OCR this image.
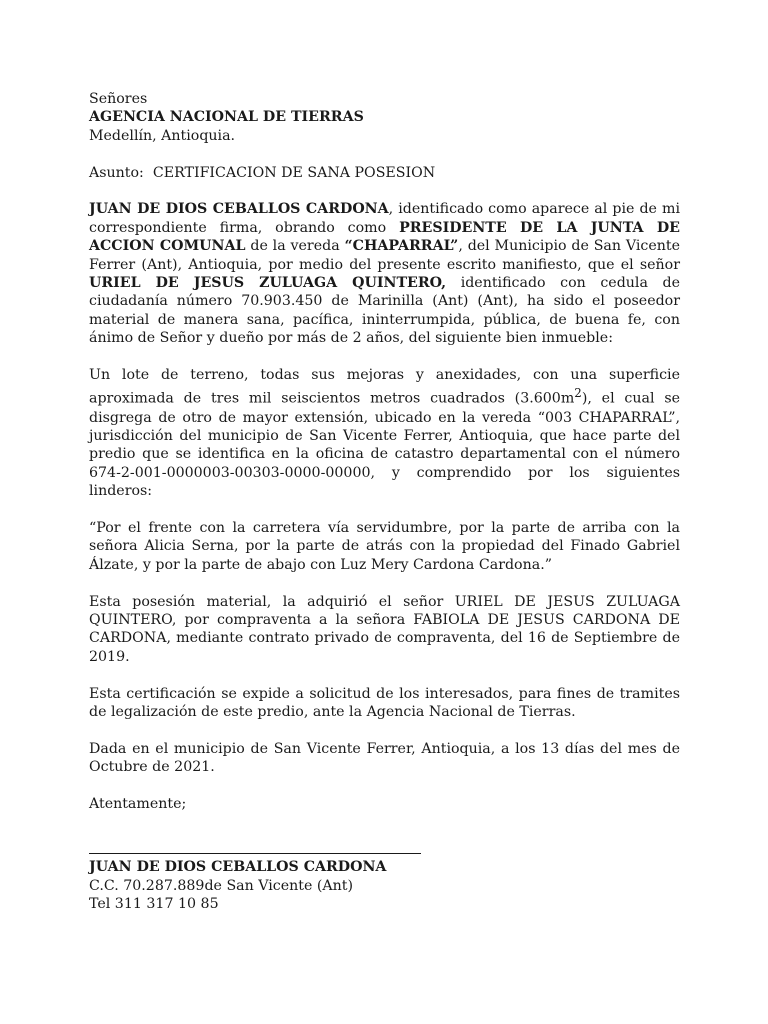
Señores
AGENCIA NACIONAL DE TIERRAS
Medellín, Antioquia.
Asunto: CERTIFICACION DE SANA POSESION
JUAN DE DIOS CEBALLOS CARDONA, identificado como aparece al pie de mi correspondiente firma, obrando como PRESIDENTE DE LA JUNTA DE ACCION COMUNAL de la vereda “CHAPARRAL”, del Municipio de San Vicente Ferrer (Ant), Antioquia, por medio del presente escrito manifiesto, que el señor URIEL DE JESUS ZULUAGA QUINTERO, identificado con cedula de ciudadanía número 70.903.450 de Marinilla (Ant) (Ant), ha sido el poseedor material de manera sana, pacífica, ininterrumpida, pública, de buena fe, con ánimo de Señor y dueño por más de 2 años, del siguiente bien inmueble:
Un lote de terreno, todas sus mejoras y anexidades, con una superficie aproximada de tres mil seiscientos metros cuadrados $(3.600m^2)$, el cual se disgrega de otro de mayor extensión, ubicado en la vereda “003 CHAPARRAL”, jurisdicción del municipio de San Vicente Ferrer, Antioquia, que hace parte del predio que se identifica en la oficina de catastro departamental con el número 674-2-001-0000003-00303-0000-00000, y comprendido por los siguientes linderos:
“Por el frente con la carretera vía servidumbre, por la parte de arriba con la señora Alicia Serna, por la parte de atrás con la propiedad del Finado Gabriel Álzate, y por la parte de abajo con Luz Mery Cardona Cardona.”
Esta posesión material, la adquirió el señor URIEL DE JESUS ZULUAGA QUINTERO, por compraventa a la señora FABIOLA DE JESUS CARDONA DE CARDONA, mediante contrato privado de compraventa, del 16 de Septiembre de 2019.
Esta certificación se expide a solicitud de los interesados, para fines de tramites de legalización de este predio, ante la Agencia Nacional de Tierras.
Dada en el municipio de San Vicente Ferrer, Antioquia, a los 13 días del mes de Octubre de 2021.
Atentamente;
JUAN DE DIOS CEBALLOS CARDONA
C.C. 70.287.889de San Vicente (Ant)
Tel 311 317 10 85
